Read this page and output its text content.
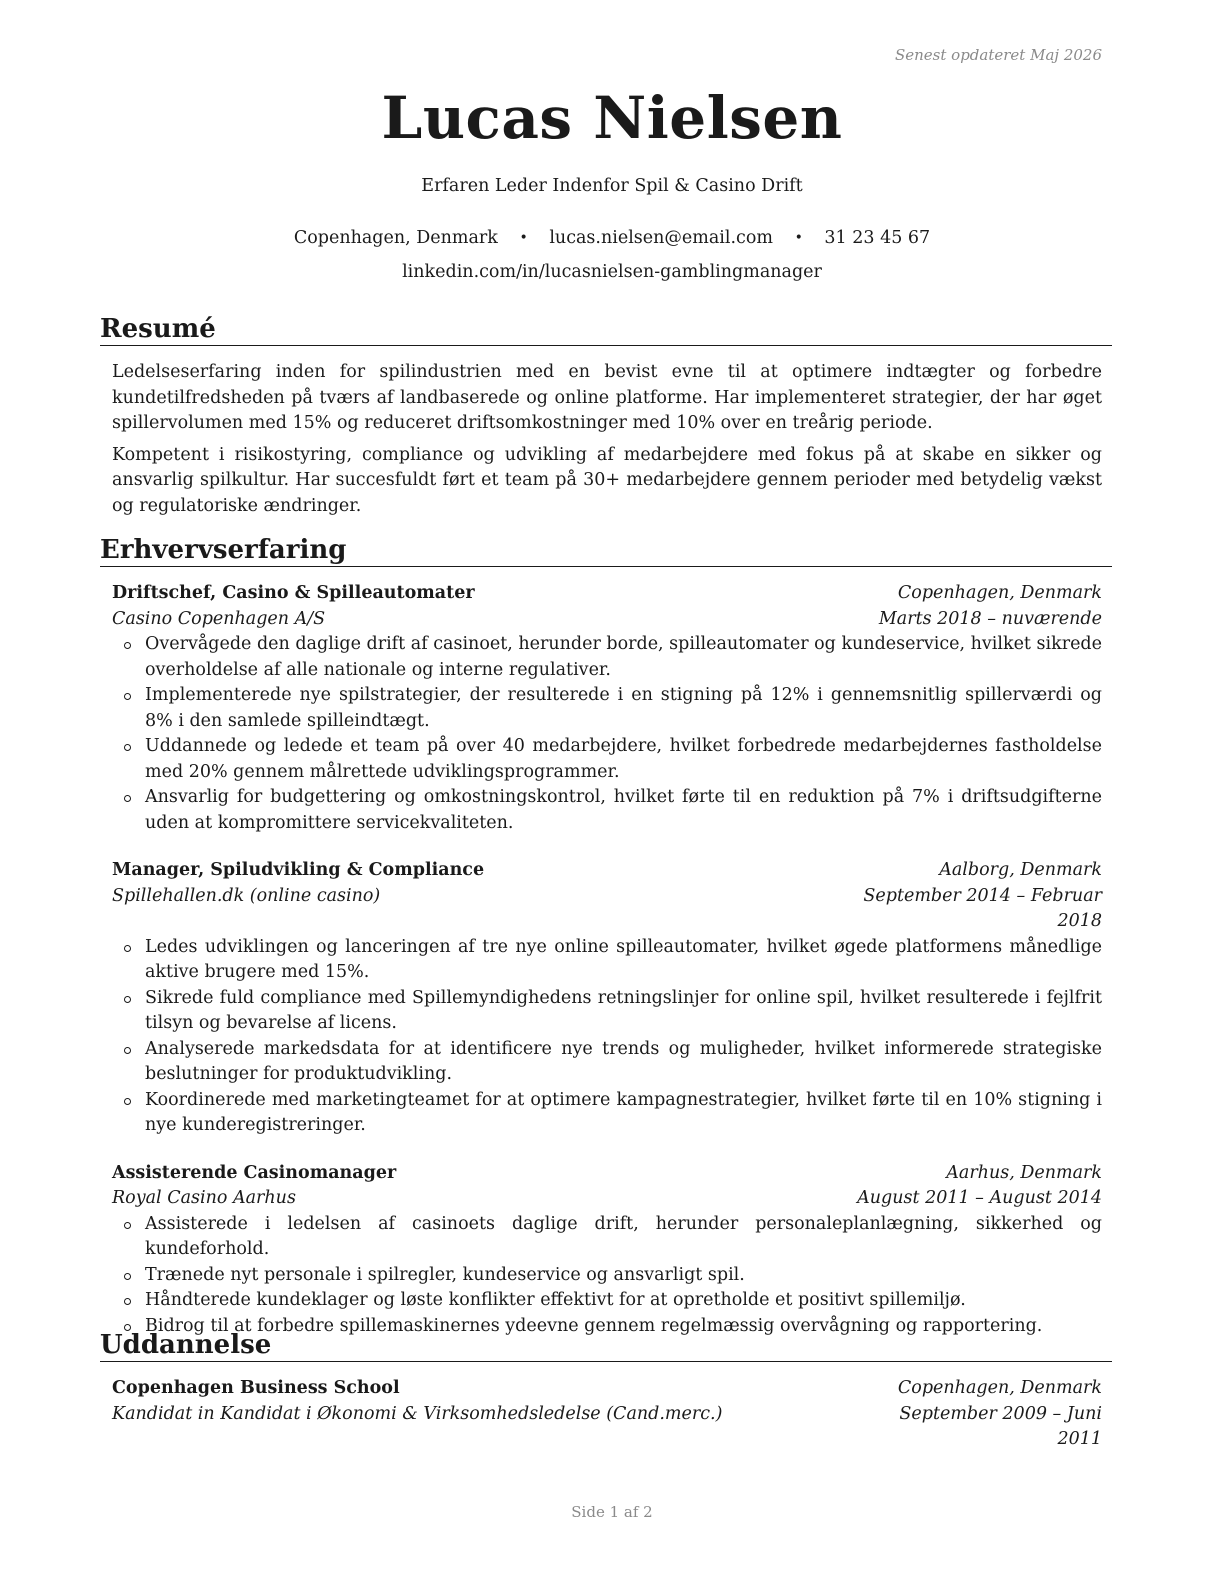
Senest opdateret Maj 2026
Lucas Nielsen
Erfaren Leder Indenfor Spil & Casino Drift
Copenhagen, Denmark • lucas.nielsen@email.com • 31 23 45 67
linkedin.com/in/lucasnielsen-gamblingmanager
Resumé

Ledelseserfaring inden for spilindustrien med en bevist evne til at optimere indtægter og forbedre kundetilfredsheden på tværs af landbaserede og online platforme. Har implementeret strategier, der har øget spillervolumen med 15% og reduceret driftsomkostninger med 10% over en treårig periode.

Kompetent i risikostyring, compliance og udvikling af medarbejdere med fokus på at skabe en sikker og ansvarlig spilkultur. Har succesfuldt ført et team på 30+ medarbejdere gennem perioder med betydelig vækst og regulatoriske ændringer.

Erhvervserfaring
Driftschef, Casino & Spilleautomater	Copenhagen, Denmark
Casino Copenhagen A/S	Marts 2018 – nuværende
Overvågede den daglige drift af casinoet, herunder borde, spilleautomater og kundeservice, hvilket sikrede overholdelse af alle nationale og interne regulativer.
Implementerede nye spilstrategier, der resulterede i en stigning på 12% i gennemsnitlig spillerværdi og 8% i den samlede spilleindtægt.
Uddannede og ledede et team på over 40 medarbejdere, hvilket forbedrede medarbejdernes fastholdelse med 20% gennem målrettede udviklingsprogrammer.
Ansvarlig for budgettering og omkostningskontrol, hvilket førte til en reduktion på 7% i driftsudgifterne uden at kompromittere servicekvaliteten.
Manager, Spiludvikling & Compliance	Aalborg, Denmark
Spillehallen.dk (online casino)	September 2014 – Februar 2018
Ledes udviklingen og lanceringen af tre nye online spilleautomater, hvilket øgede platformens månedlige aktive brugere med 15%.
Sikrede fuld compliance med Spillemyndighedens retningslinjer for online spil, hvilket resulterede i fejlfrit tilsyn og bevarelse af licens.
Analyserede markedsdata for at identificere nye trends og muligheder, hvilket informerede strategiske beslutninger for produktudvikling.
Koordinerede med marketingteamet for at optimere kampagnestrategier, hvilket førte til en 10% stigning i nye kunderegistreringer.
Assisterende Casinomanager	Aarhus, Denmark
Royal Casino Aarhus	August 2011 – August 2014
Assisterede i ledelsen af casinoets daglige drift, herunder personaleplanlægning, sikkerhed og kundeforhold.
Trænede nyt personale i spilregler, kundeservice og ansvarligt spil.
Håndterede kundeklager og løste konflikter effektivt for at opretholde et positivt spillemiljø.
Bidrog til at forbedre spillemaskinernes ydeevne gennem regelmæssig overvågning og rapportering.
Uddannelse
Copenhagen Business School	Copenhagen, Denmark
Kandidat in Kandidat i Økonomi & Virksomhedsledelse (Cand.merc.)	September 2009 – Juni 2011
Side 1 af 2
